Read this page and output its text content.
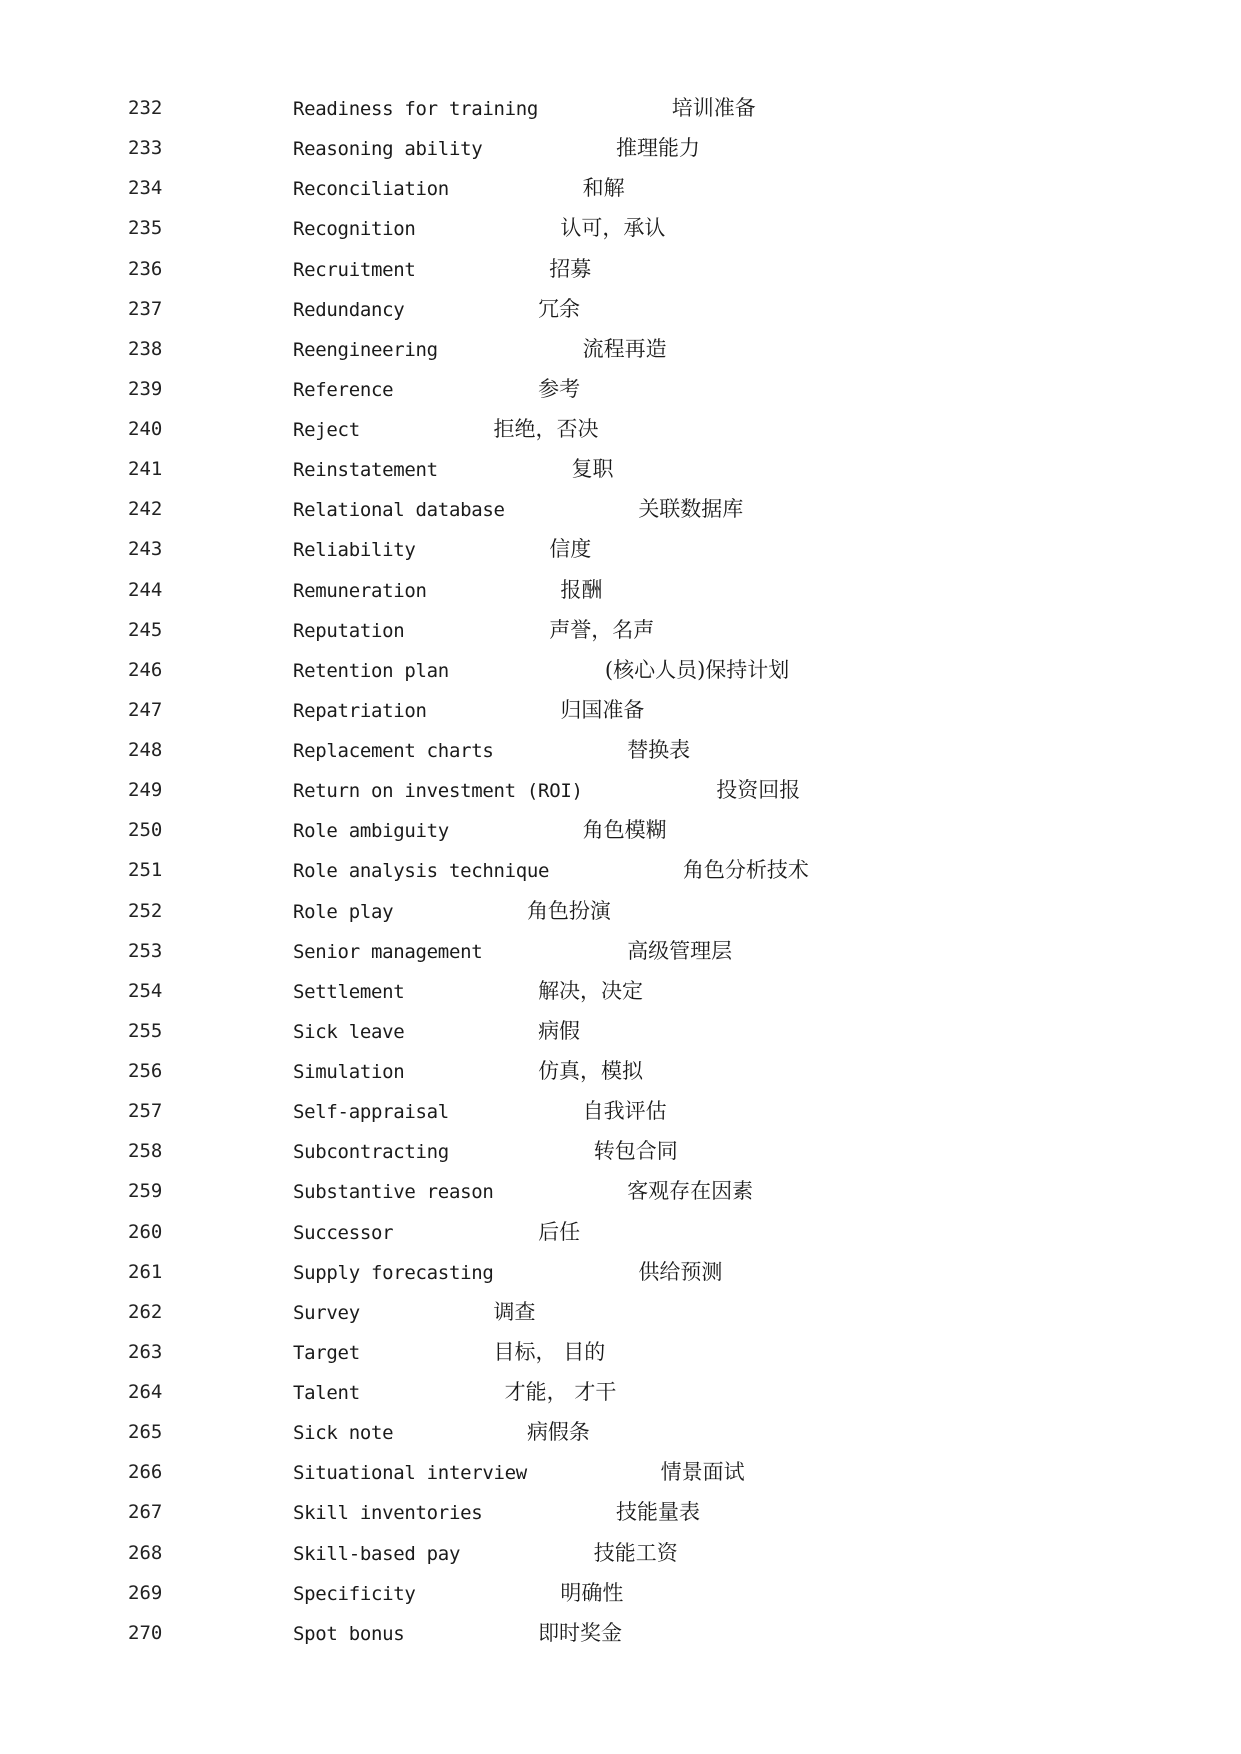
232	Readiness for training	培训准备
233	Reasoning ability	推理能力
234	Reconciliation	和解
235	Recognition	认可，承认
236	Recruitment	招募
237	Redundancy	冗余
238	Reengineering	流程再造
239	Reference	参考
240	Reject	拒绝，否决
241	Reinstatement	复职
242	Relational database	关联数据库
243	Reliability	信度
244	Remuneration	报酬
245	Reputation	声誉，名声
246	Retention plan	(核心人员)保持计划
247	Repatriation	归国准备
248	Replacement charts	替换表
249	Return on investment (ROI)	投资回报
250	Role ambiguity	角色模糊
251	Role analysis technique	角色分析技术
252	Role play	角色扮演
253	Senior management	高级管理层
254	Settlement	解决，决定
255	Sick leave	病假
256	Simulation	仿真，模拟
257	Self-appraisal	自我评估
258	Subcontracting	转包合同
259	Substantive reason	客观存在因素
260	Successor	后任
261	Supply forecasting	供给预测
262	Survey	调查
263	Target	目标， 目的
264	Talent	才能， 才干
265	Sick note	病假条
266	Situational interview	情景面试
267	Skill inventories	技能量表
268	Skill-based pay	技能工资
269	Specificity	明确性
270	Spot bonus	即时奖金
